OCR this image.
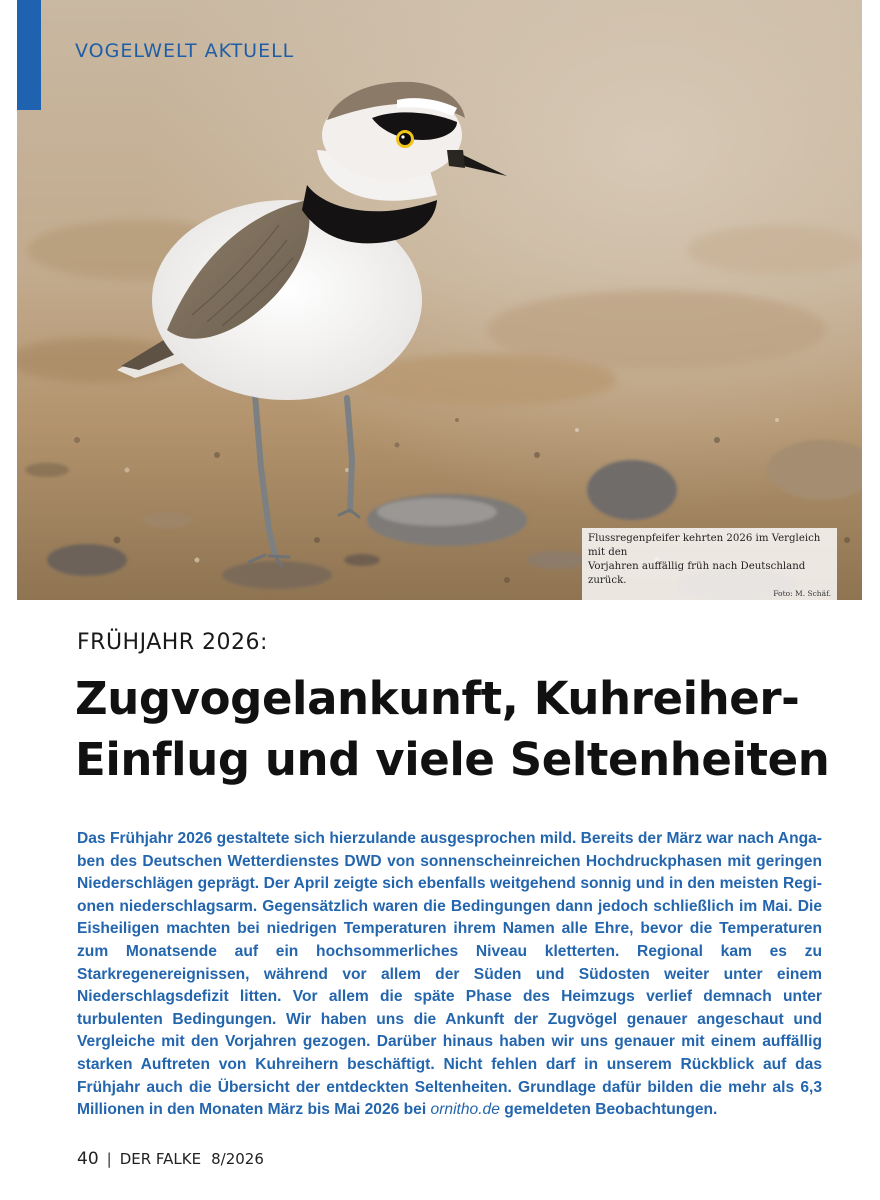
VOGELWELT AKTUELL
Flussregenpfeifer kehrten 2026 im Vergleich mit den
Vorjahren auffällig früh nach Deutschland zurück.
Foto: M. Schäf.
FRÜHJAHR 2026:
Zugvogelankunft, Kuhreiher-
Einflug und viele Seltenheiten

Das Frühjahr 2026 gestaltete sich hierzulande ausgesprochen mild. Bereits der März war nach Angaben des Deutschen Wetterdienstes DWD von sonnenscheinreichen Hochdruckphasen mit geringen Niederschlägen geprägt. Der April zeigte sich ebenfalls weitgehend sonnig und in den meisten Regionen niederschlagsarm. Gegensätzlich waren die Bedingungen dann jedoch schließlich im Mai. Die Eisheiligen machten bei niedrigen Temperaturen ihrem Namen alle Ehre, bevor die Temperaturen zum Monatsende auf ein hochsommerliches Niveau kletterten. Regional kam es zu Starkregenereignissen, während vor allem der Süden und Südosten weiter unter einem Niederschlagsdefizit litten. Vor allem die späte Phase des Heimzugs verlief demnach unter turbulenten Bedingungen. Wir haben uns die Ankunft der Zugvögel genauer angeschaut und Vergleiche mit den Vorjahren gezogen. Darüber hinaus haben wir uns genauer mit einem auffällig starken Auftreten von Kuhreihern beschäftigt. Nicht fehlen darf in unserem Rückblick auf das Frühjahr auch die Übersicht der entdeckten Seltenheiten. Grundlage dafür bilden die mehr als 6,3 Millionen in den Monaten März bis Mai 2026 bei ornitho.de gemeldeten Beobachtungen.

40 | DER FALKE 8/2026
